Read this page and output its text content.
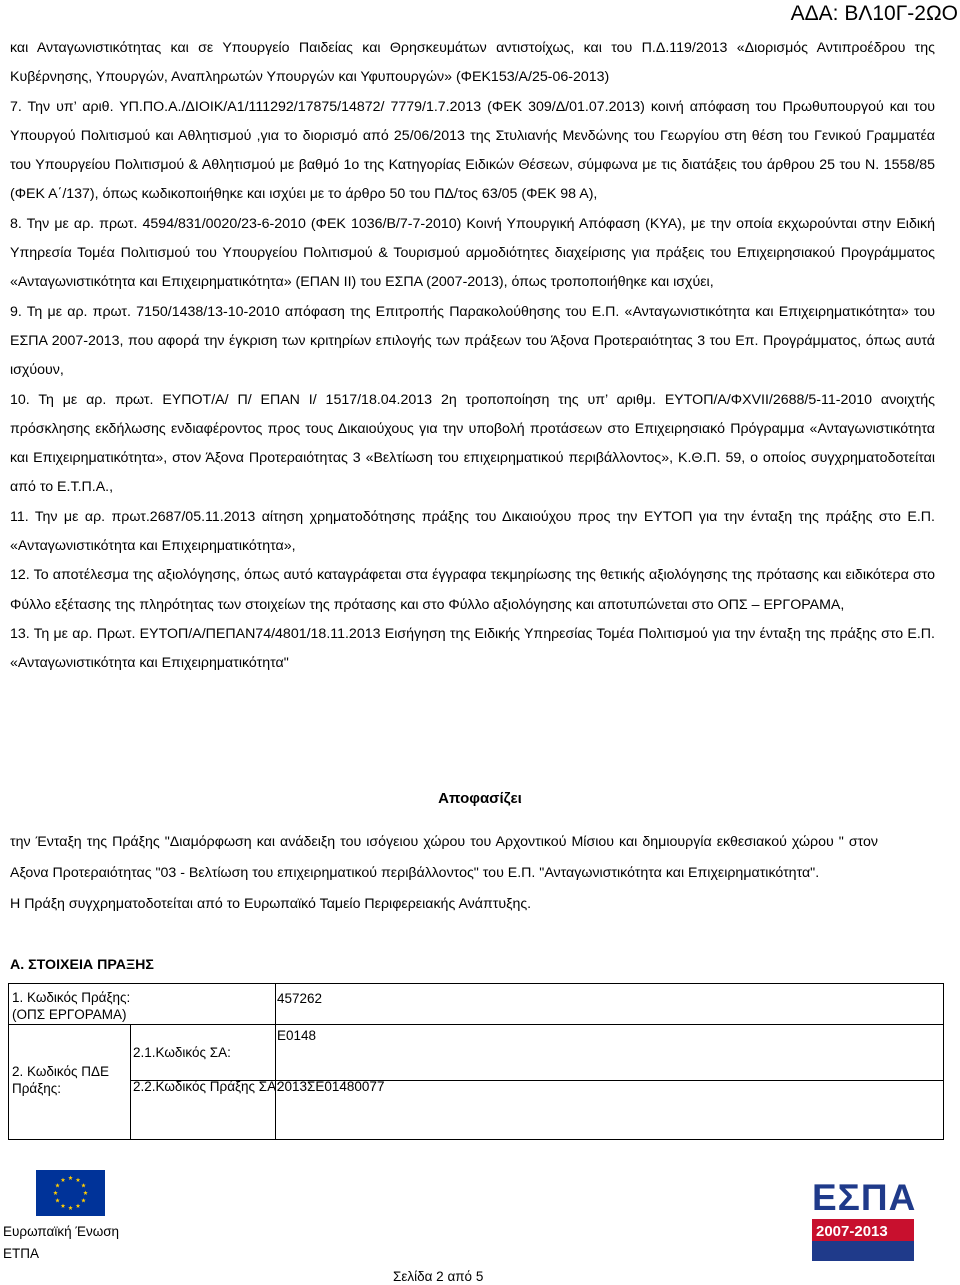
ΑΔΑ: ΒΛ10Γ-2ΩΟ

και Ανταγωνιστικότητας και σε Υπουργείο Παιδείας και Θρησκευμάτων αντιστοίχως, και του Π.Δ.119/2013 «Διορισμός Αντιπροέδρου της Κυβέρνησης, Υπουργών, Αναπληρωτών Υπουργών και Υφυπουργών» (ΦΕΚ153/Α/25-06-2013)

7. Την υπ’ αριθ. ΥΠ.ΠΟ.Α./ΔΙΟΙΚ/Α1/111292/17875/14872/ 7779/1.7.2013 (ΦΕΚ 309/Δ/01.07.2013) κοινή απόφαση του Πρωθυπουργού και του Υπουργού Πολιτισμού και Αθλητισμού ,για το διορισμό από 25/06/2013 της Στυλιανής Μενδώνης του Γεωργίου στη θέση του Γενικού Γραμματέα του Υπουργείου Πολιτισμού & Αθλητισμού με βαθμό 1ο της Κατηγορίας Ειδικών Θέσεων, σύμφωνα με τις διατάξεις του άρθρου 25 του Ν. 1558/85 (ΦΕΚ Α΄/137), όπως κωδικοποιήθηκε και ισχύει με το άρθρο 50 του ΠΔ/τος 63/05 (ΦΕΚ 98 Α),

8. Την με αρ. πρωτ. 4594/831/0020/23-6-2010 (ΦΕΚ 1036/Β/7-7-2010) Κοινή Υπουργική Απόφαση (ΚΥΑ), με την οποία εκχωρούνται στην Ειδική Υπηρεσία Τομέα Πολιτισμού του Υπουργείου Πολιτισμού & Τουρισμού αρμοδιότητες διαχείρισης για πράξεις του Επιχειρησιακού Προγράμματος «Ανταγωνιστικότητα και Επιχειρηματικότητα» (ΕΠΑΝ ΙΙ) του ΕΣΠΑ (2007-2013), όπως τροποποιήθηκε και ισχύει,

9. Τη με αρ. πρωτ. 7150/1438/13-10-2010 απόφαση της Επιτροπής Παρακολούθησης του Ε.Π. «Ανταγωνιστικότητα και Επιχειρηματικότητα» του ΕΣΠΑ 2007-2013, που αφορά την έγκριση των κριτηρίων επιλογής των πράξεων του Άξονα Προτεραιότητας 3 του Επ. Προγράμματος, όπως αυτά ισχύουν,

10. Τη με αρ. πρωτ. ΕΥΠΟΤ/Α/ Π/ ΕΠΑΝ Ι/ 1517/18.04.2013 2η τροποποίηση της υπ’ αριθμ. ΕΥΤΟΠ/Α/ΦΧVΙΙ/2688/5-11-2010 ανοιχτής πρόσκλησης εκδήλωσης ενδιαφέροντος προς τους Δικαιούχους για την υποβολή προτάσεων στο Επιχειρησιακό Πρόγραμμα «Ανταγωνιστικότητα και Επιχειρηματικότητα», στον Άξονα Προτεραιότητας 3 «Βελτίωση του επιχειρηματικού περιβάλλοντος», Κ.Θ.Π. 59, ο οποίος συγχρηματοδοτείται από το Ε.Τ.Π.Α.,

11. Την με αρ. πρωτ.2687/05.11.2013 αίτηση χρηματοδότησης πράξης του Δικαιούχου προς την ΕΥΤΟΠ για την ένταξη της πράξης στο Ε.Π. «Ανταγωνιστικότητα και Επιχειρηματικότητα»,

12. Το αποτέλεσμα της αξιολόγησης, όπως αυτό καταγράφεται στα έγγραφα τεκμηρίωσης της θετικής αξιολόγησης της πρότασης και ειδικότερα στο Φύλλο εξέτασης της πληρότητας των στοιχείων της πρότασης και στο Φύλλο αξιολόγησης και αποτυπώνεται στο ΟΠΣ – ΕΡΓΟΡΑΜΑ,

13. Τη με αρ. Πρωτ. ΕΥΤΟΠ/Α/ΠΕΠΑΝ74/4801/18.11.2013 Εισήγηση της Ειδικής Υπηρεσίας Τομέα Πολιτισμού για την ένταξη της πράξης στο Ε.Π. «Ανταγωνιστικότητα και Επιχειρηματικότητα"

Αποφασίζει

την Ένταξη της Πράξης "Διαμόρφωση και ανάδειξη του ισόγειου χώρου του Αρχοντικού Μίσιου και δημιουργία εκθεσιακού χώρου " στον Αξονα Προτεραιότητας "03 - Βελτίωση του επιχειρηματικού περιβάλλοντος" του Ε.Π. "Ανταγωνιστικότητα και Επιχειρηματικότητα".

Η Πράξη συγχρηματοδοτείται από το Ευρωπαϊκό Ταμείο Περιφερειακής Ανάπτυξης.

Α. ΣΤΟΙΧΕΙΑ ΠΡΑΞΗΣ
1. Κωδικός Πράξης: (ΟΠΣ ΕΡΓΟΡΑΜΑ)
457262
2. Κωδικός ΠΔΕ Πράξης:
2.1.Κωδικός ΣΑ:
Ε0148
2.2.Κωδικός Πράξης ΣΑ:
2013ΣΕ01480077
Ευρωπαϊκή Ένωση
ΕΤΠΑ
Σελίδα 2 από 5
ΕΣΠΑ
2007-2013
